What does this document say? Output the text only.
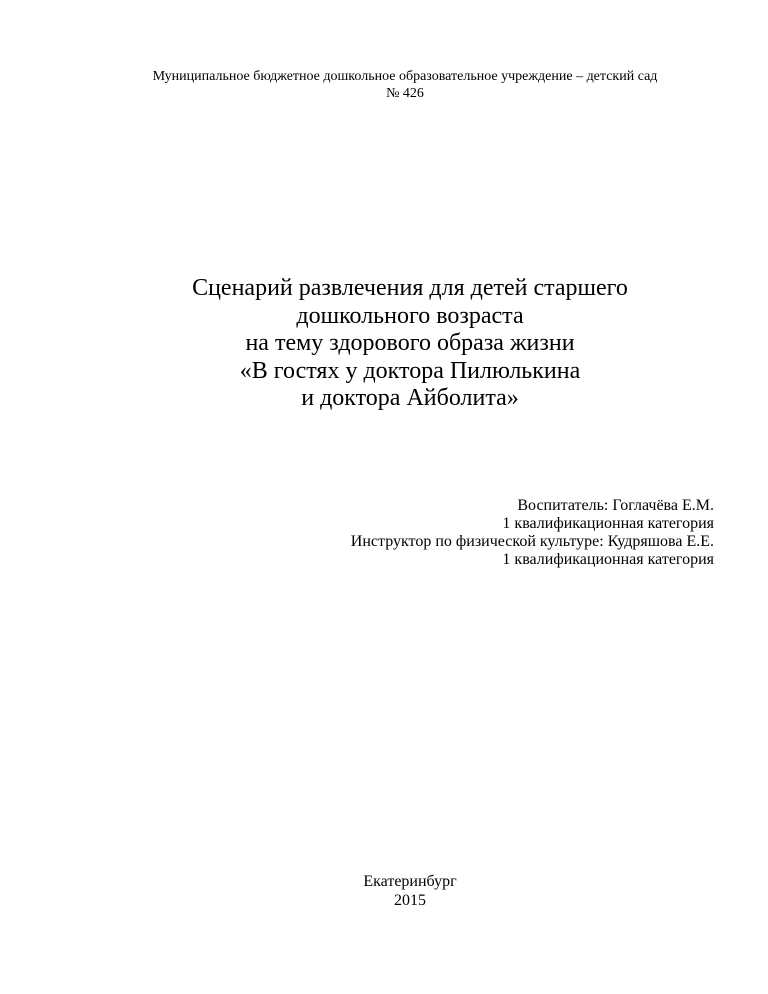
Муниципальное бюджетное дошкольное образовательное учреждение – детский сад
№ 426
Сценарий развлечения для детей старшего
дошкольного возраста
на тему здорового образа жизни
«В гостях у доктора Пилюлькина
и доктора Айболита»
Воспитатель: Гоглачёва Е.М.
1 квалификационная категория
Инструктор по физической культуре: Кудряшова Е.Е.
1 квалификационная категория
Екатеринбург
2015
